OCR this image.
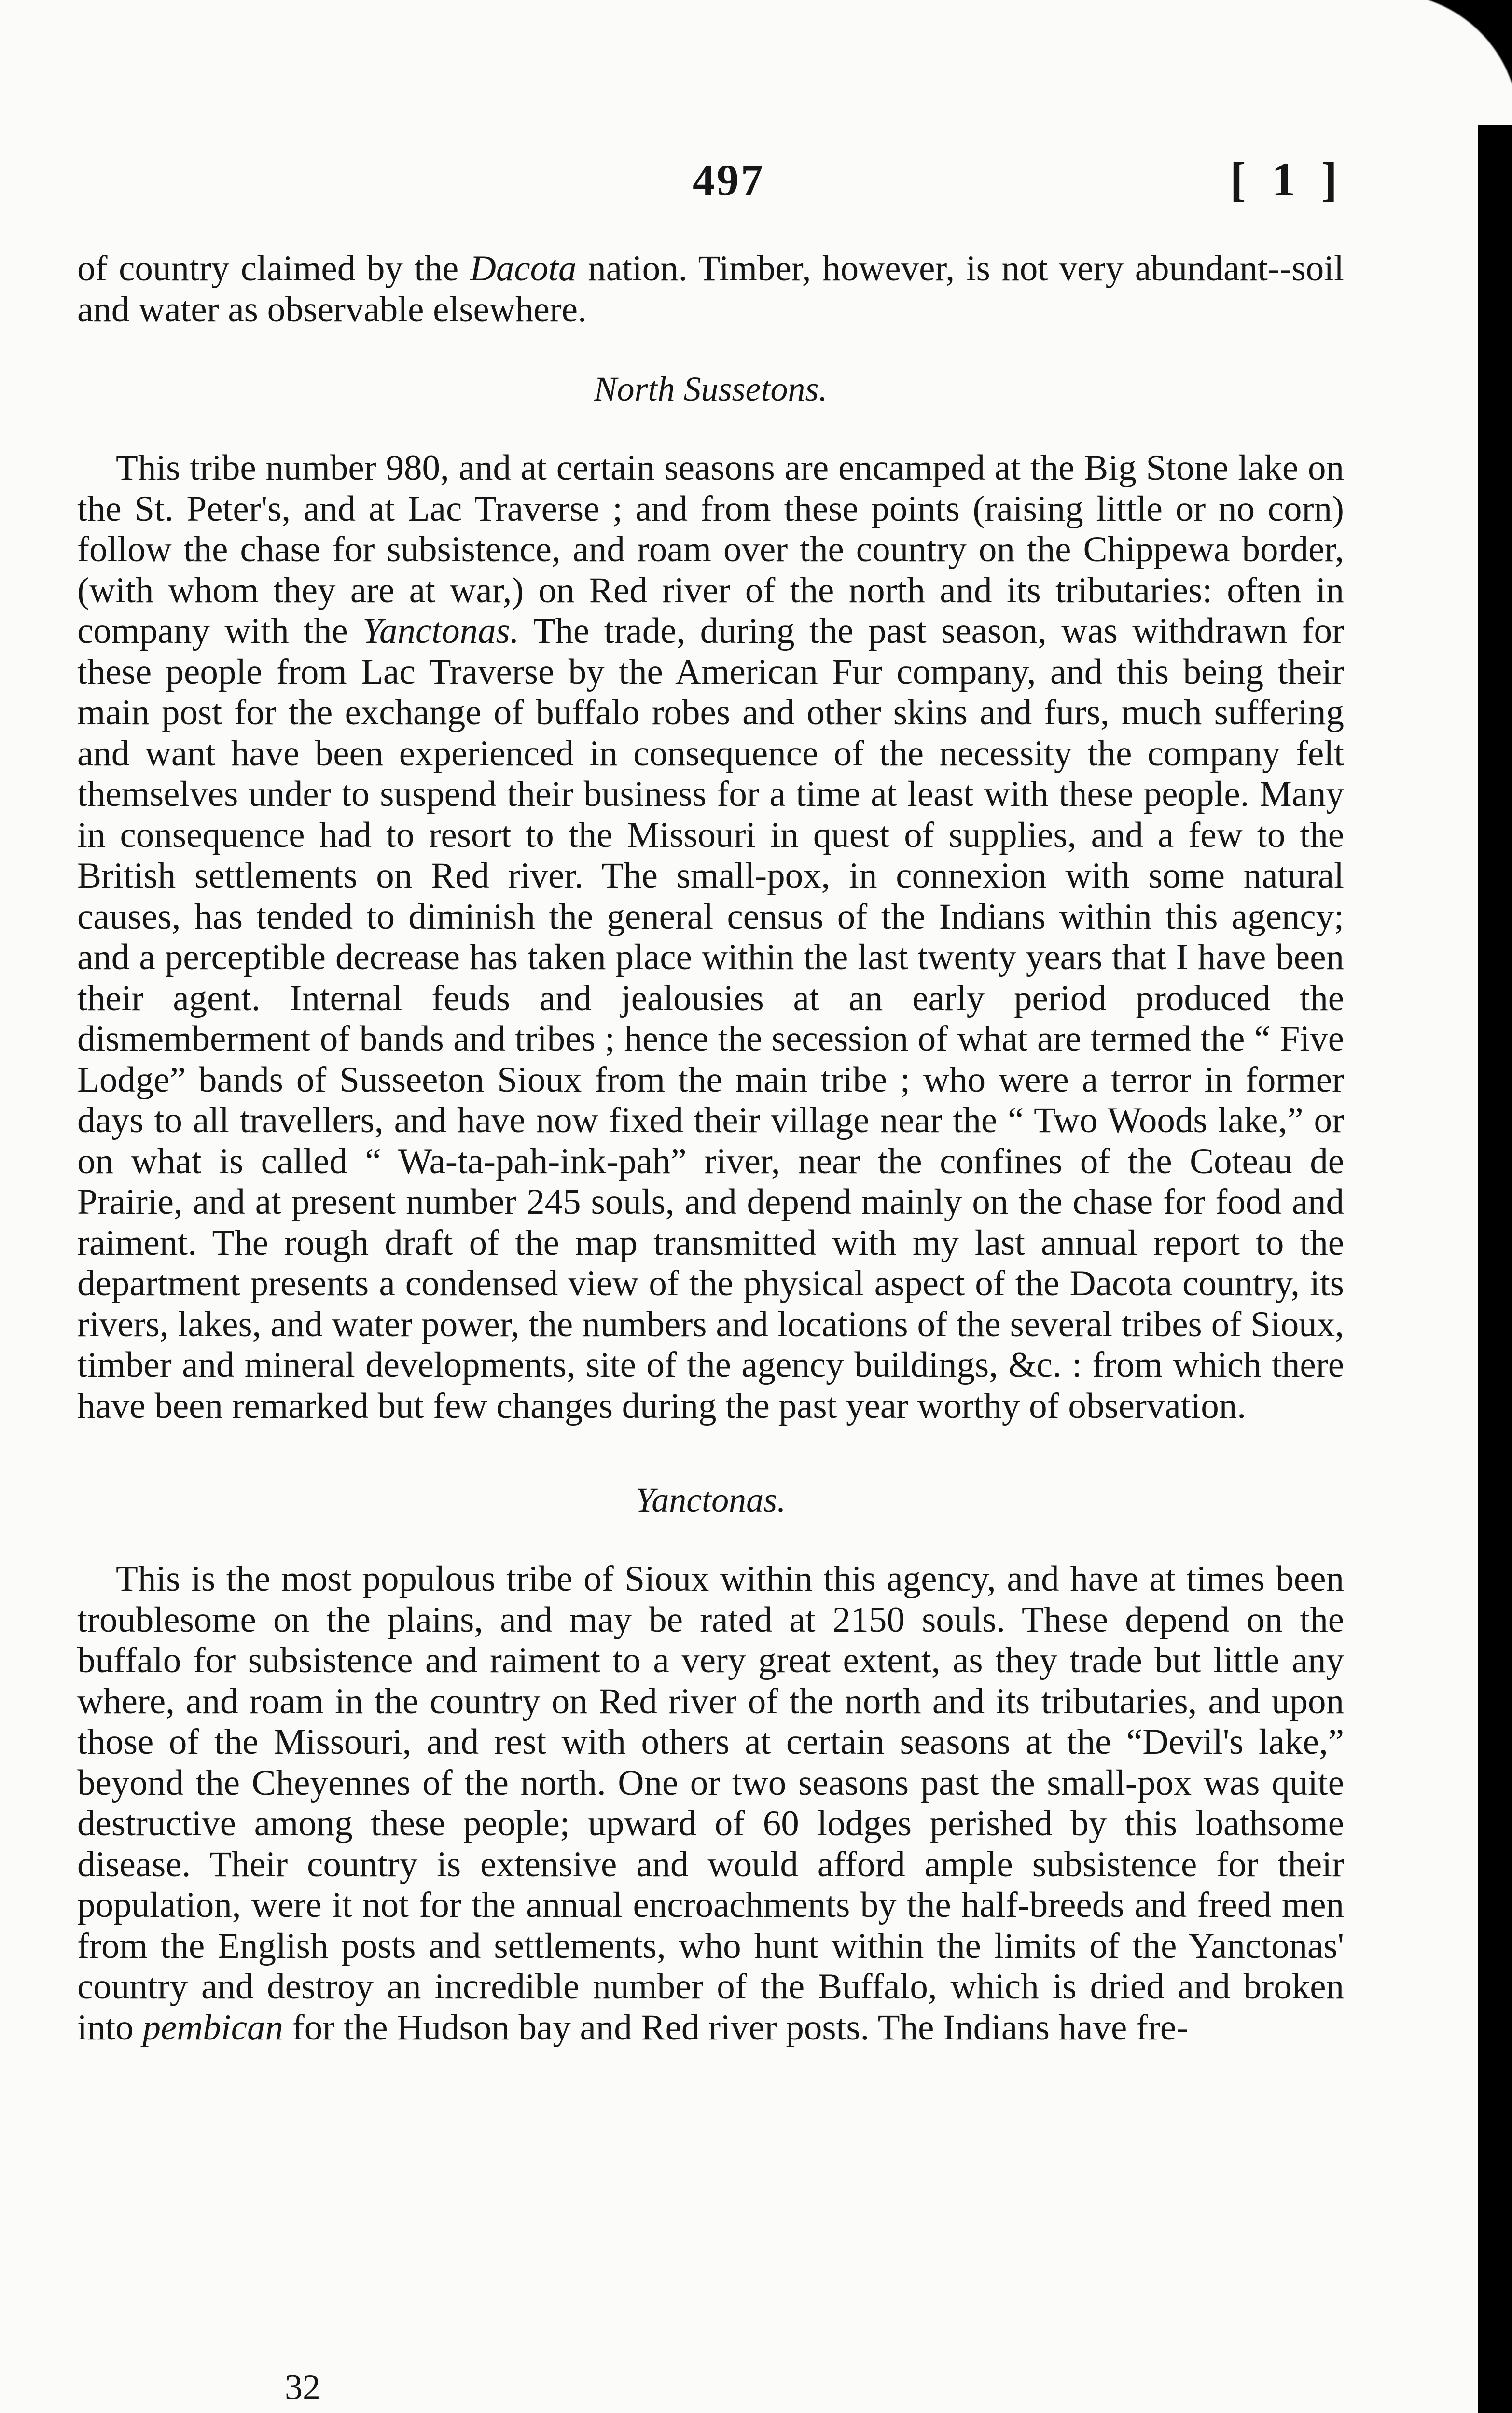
497	[ 1 ]

of country claimed by the Dacota nation. Timber, however, is not very abundant--soil and water as observable elsewhere.

North Sussetons.

This tribe number 980, and at certain seasons are encamped at the Big Stone lake on the St. Peter's, and at Lac Traverse ; and from these points (raising little or no corn) follow the chase for subsistence, and roam over the country on the Chippewa border, (with whom they are at war,) on Red river of the north and its tributaries: often in company with the Yanctonas. The trade, during the past season, was withdrawn for these people from Lac Traverse by the American Fur company, and this being their main post for the exchange of buffalo robes and other skins and furs, much suffering and want have been experienced in consequence of the necessity the company felt themselves under to suspend their business for a time at least with these people. Many in consequence had to resort to the Missouri in quest of supplies, and a few to the British settlements on Red river. The small-pox, in connexion with some natural causes, has tended to diminish the general census of the Indians within this agency; and a perceptible decrease has taken place within the last twenty years that I have been their agent. Internal feuds and jealousies at an early period produced the dismemberment of bands and tribes ; hence the secession of what are termed the “ Five Lodge” bands of Susseeton Sioux from the main tribe ; who were a terror in former days to all travellers, and have now fixed their village near the “ Two Woods lake,” or on what is called “ Wa-ta-pah-ink-pah” river, near the confines of the Coteau de Prairie, and at present number 245 souls, and depend mainly on the chase for food and raiment. The rough draft of the map transmitted with my last annual report to the department presents a condensed view of the physical aspect of the Dacota country, its rivers, lakes, and water power, the numbers and locations of the several tribes of Sioux, timber and mineral developments, site of the agency buildings, &c. : from which there have been remarked but few changes during the past year worthy of observation.

Yanctonas.

This is the most populous tribe of Sioux within this agency, and have at times been troublesome on the plains, and may be rated at 2150 souls. These depend on the buffalo for subsistence and raiment to a very great extent, as they trade but little any where, and roam in the country on Red river of the north and its tributaries, and upon those of the Missouri, and rest with others at certain seasons at the “Devil's lake,” beyond the Cheyennes of the north. One or two seasons past the small-pox was quite destructive among these people; upward of 60 lodges perished by this loathsome disease. Their country is extensive and would afford ample subsistence for their population, were it not for the annual encroachments by the half-breeds and freed men from the English posts and settlements, who hunt within the limits of the Yanctonas' country and destroy an incredible number of the Buffalo, which is dried and broken into pembican for the Hudson bay and Red river posts. The Indians have fre-

32
